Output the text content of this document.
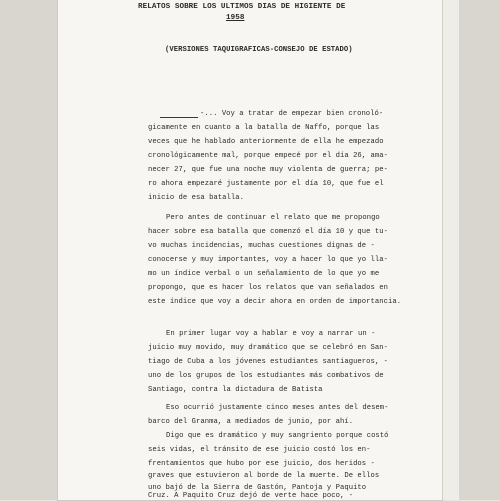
RELATOS SOBRE LOS ULTIMOS DIAS DE HIGIENTE DE
1958
(VERSIONES TAQUIGRAFICAS-CONSEJO DE ESTADO)
-... Voy a tratar de empezar bien cronoló-
gicamente en cuanto a la batalla de Naffo, porque las
veces que he hablado anteriormente de ella he empezado
cronológicamente mal, porque empecé por el día 26, ama-
necer 27, que fue una noche muy violenta de guerra; pe-
ro ahora empezaré justamente por el día 10, que fue el
inicio de esa batalla.
Pero antes de continuar el relato que me propongo
hacer sobre esa batalla que comenzó el día 10 y que tu-
vo muchas incidencias, muchas cuestiones dignas de -
conocerse y muy importantes, voy a hacer lo que yo lla-
mo un índice verbal o un señalamiento de lo que yo me
propongo, que es hacer los relatos que van señalados en
este índice que voy a decir ahora en orden de importancia.
En primer lugar voy a hablar e voy a narrar un -
juicio muy movido, muy dramático que se celebró en San-
tiago de Cuba a los jóvenes estudiantes santiagueros, -
uno de los grupos de los estudiantes más combativos de
Santiago, contra la dictadura de Batista
Eso ocurrió justamente cinco meses antes del desem-
barco del Granma, a mediados de junio, por ahí.
Digo que es dramático y muy sangriento porque costó
seis vidas, el tránsito de ese juicio costó los en-
frentamientos que hubo por ese juicio, dos heridos -
graves que estuvieron al borde de la muerte. De ellos
uno bajó de la Sierra de Gastón, Pantoja y Paquito
Cruz. A Paquito Cruz dejó de verte hace poco, -
